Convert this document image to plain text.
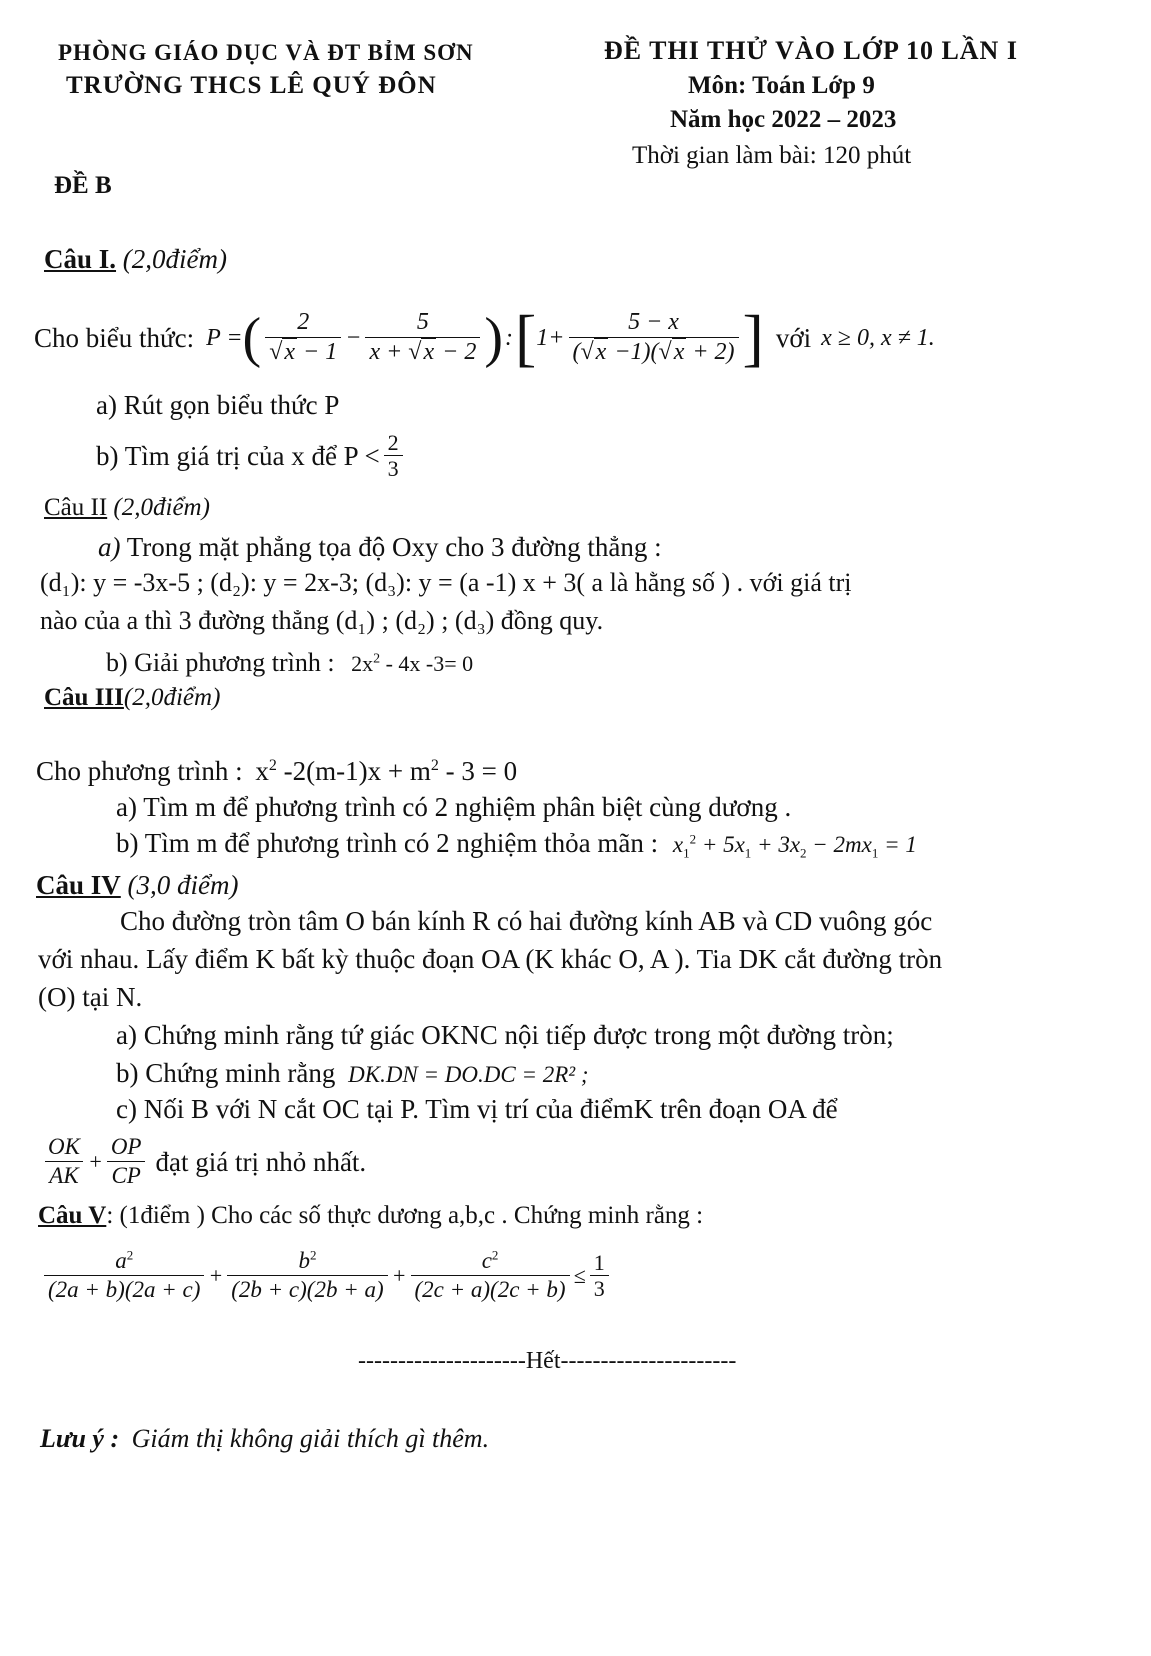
PHÒNG GIÁO DỤC VÀ ĐT BỈM SƠN
TRƯỜNG THCS LÊ QUÝ ĐÔN
ĐỀ THI THỬ VÀO LỚP 10 LẦN I
Môn: Toán Lớp 9
Năm học 2022 – 2023
Thời gian làm bài: 120 phút
ĐỀ B
Câu I. (2,0điểm)
Cho biểu thức: P = ( $\frac{2}{√x - 1} - \frac{5}{x + √x - 2}$ ) : [ $1+ \frac{5 - x}{(√x -1)(√x + 2)}$ ] với x ≥ 0, x ≠ 1.
a) Rút gọn biểu thức P
b) Tìm giá trị của x để $P < \frac{2}{3}$
Câu II (2,0điểm)
a) Trong mặt phẳng tọa độ Oxy cho 3 đường thẳng :
(d₁): y = -3x-5 ; (d₂): y = 2x-3; (d₃): y = (a -1) x + 3( a là hằng số ) . với giá trị
nào của a thì 3 đường thẳng (d₁) ; (d₂) ; (d₃) đồng quy.
b) Giải phương trình : $2x^2 - 4x$ -3= 0
Câu III(2,0điểm)
Cho phương trình : $x^2$ $-2(m-1)x + m^2 - 3 = 0$
a) Tìm m để phương trình có 2 nghiệm phân biệt cùng dương .
b) Tìm m để phương trình có 2 nghiệm thỏa mãn : $x_1^2 + 5x_1 + 3x_2 - 2mx_1 = 1$
Câu IV (3,0 điểm)
Cho đường tròn tâm O bán kính R có hai đường kính AB và CD vuông góc
với nhau. Lấy điểm K bất kỳ thuộc đoạn OA (K khác O, A ). Tia DK cắt đường tròn
(O) tại N.
a) Chứng minh rằng tứ giác OKNC nội tiếp được trong một đường tròn;
b) Chứng minh rằng DK.DN = DO.DC = 2R² ;
c) Nối B với N cắt OC tại P. Tìm vị trí của điểmK trên đoạn OA để
$\frac{OK}{AK} + \frac{OP}{CP}$ đạt giá trị nhỏ nhất.
Câu V: (1điểm ) Cho các số thực dương a,b,c . Chứng minh rằng :
$\frac{a^2}{(2a + b)(2a + c)} + \frac{b^2}{(2b + c)(2b + a)} + \frac{c^2}{(2c + a)(2c + b)} \le \frac{1}{3}$
---------------------Hết----------------------
Lưu ý : Giám thị không giải thích gì thêm.
